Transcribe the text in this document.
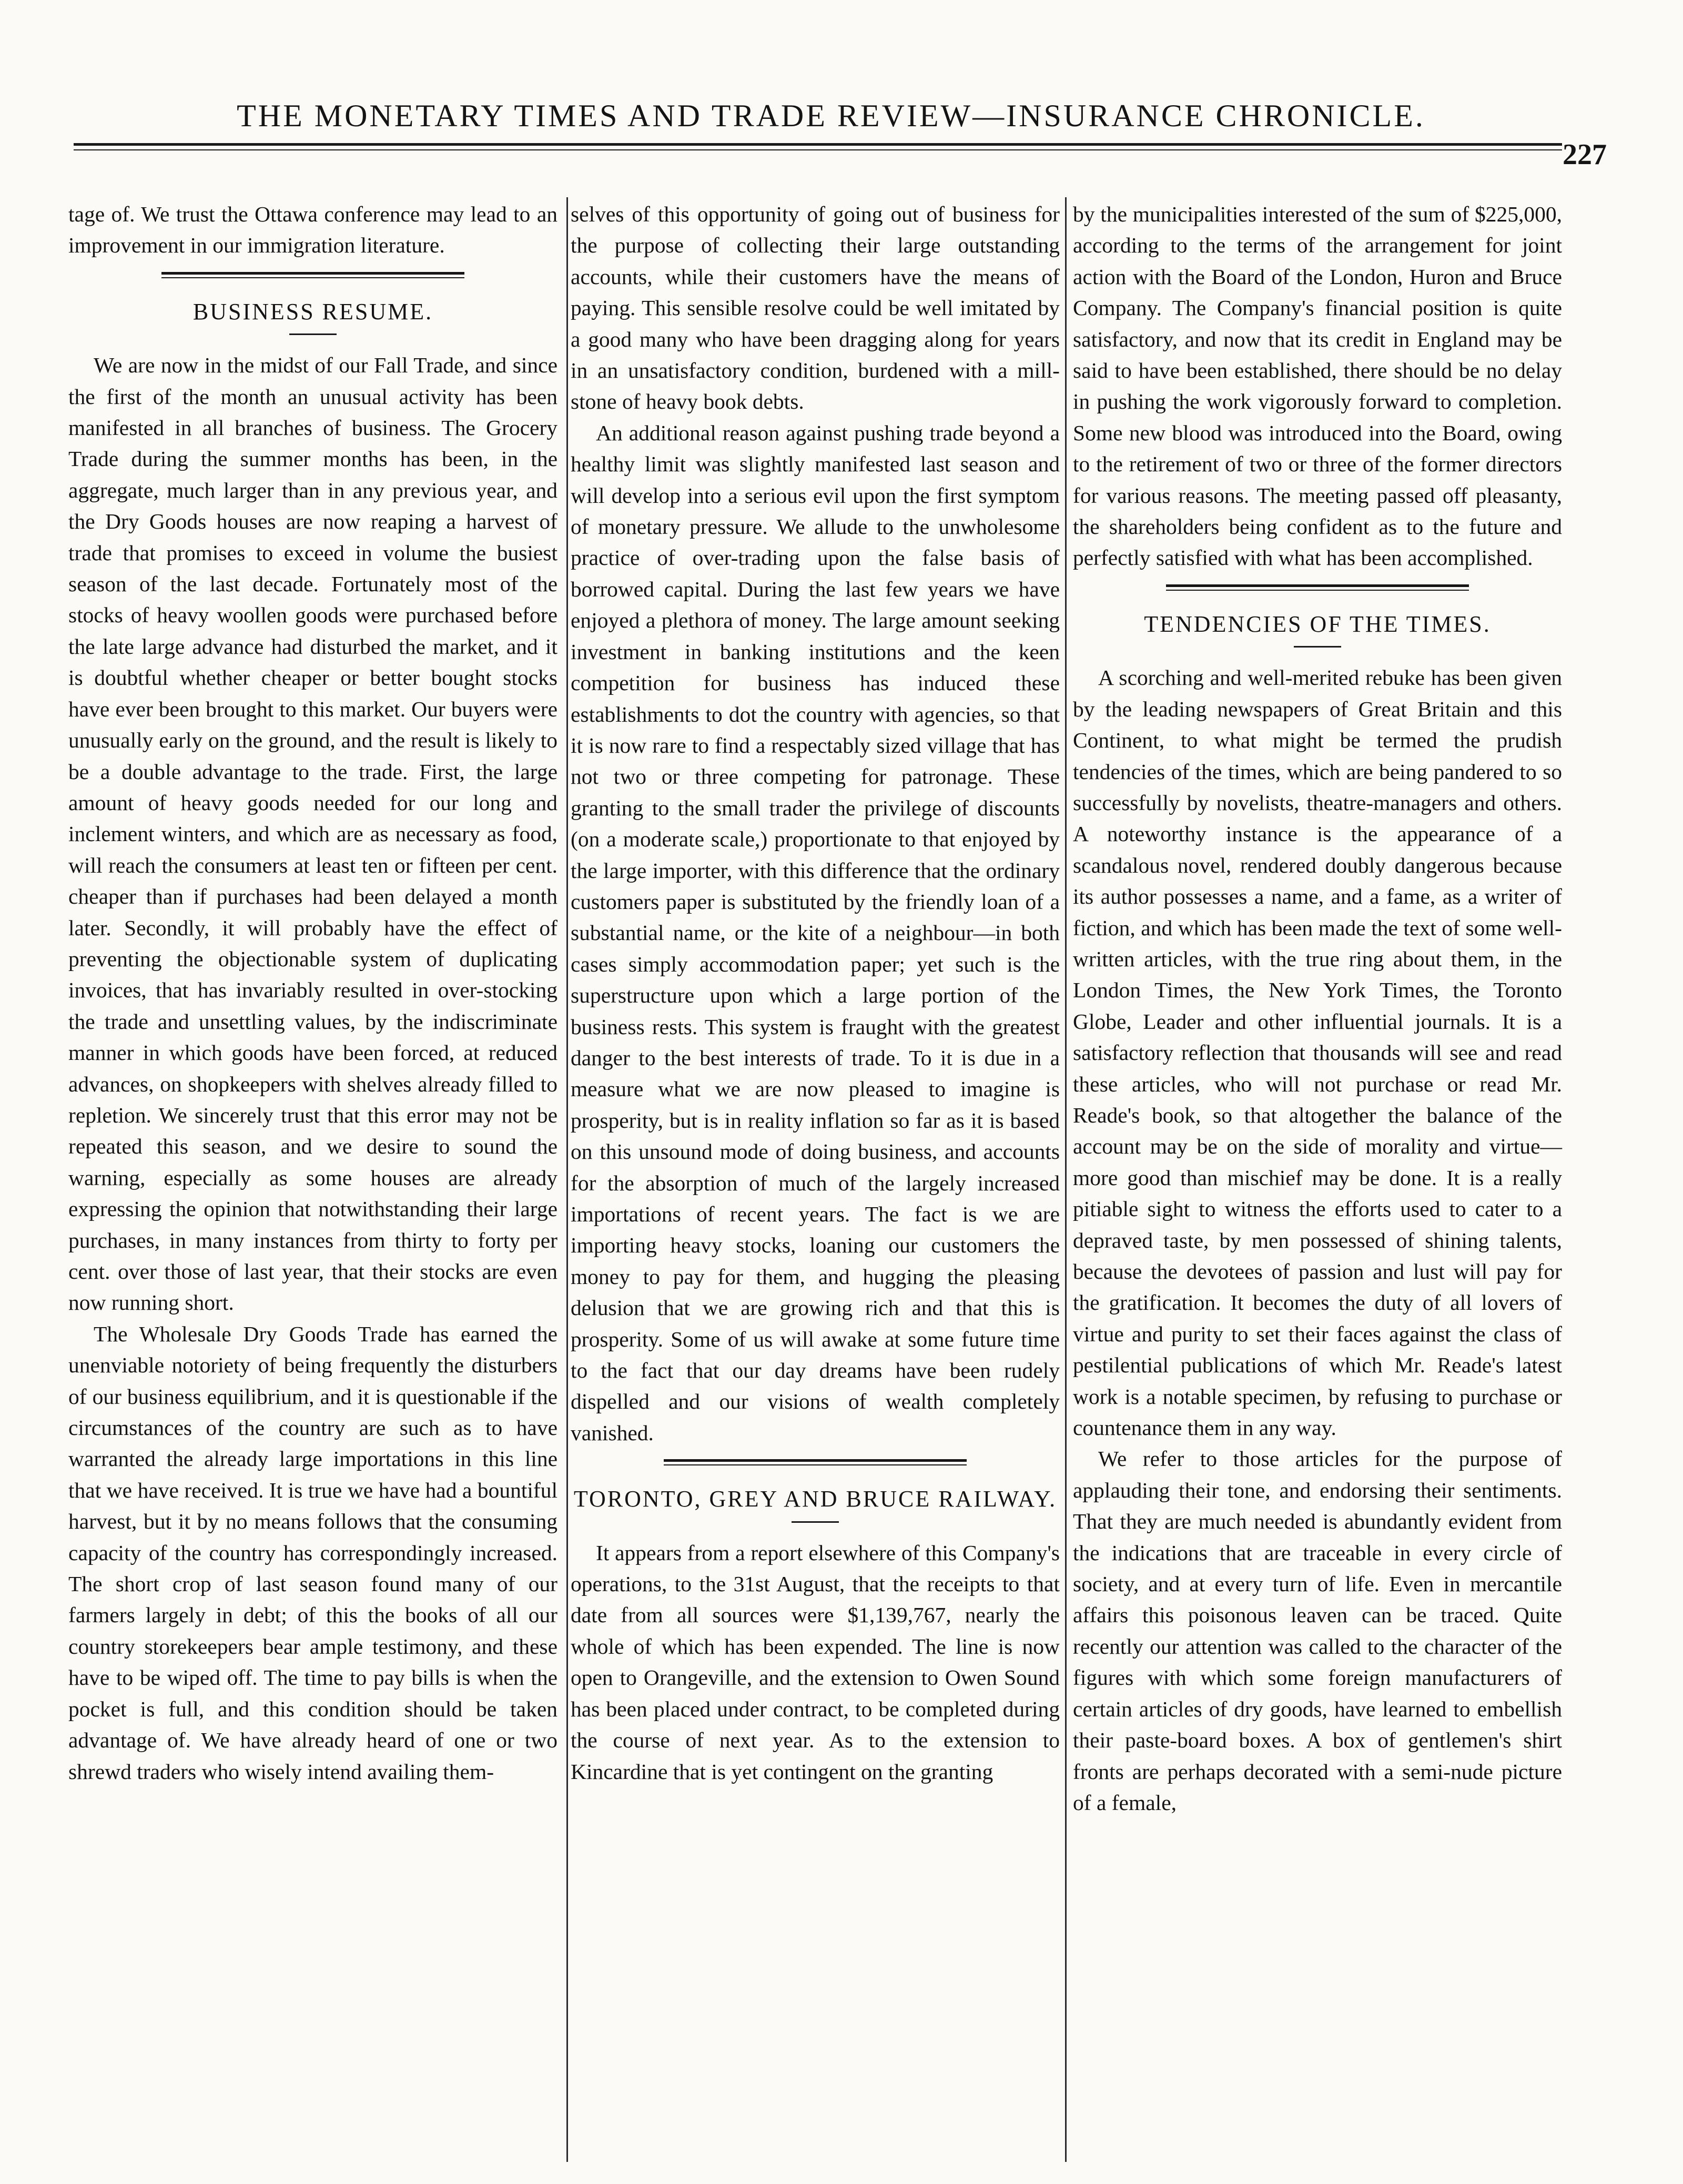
THE MONETARY TIMES AND TRADE REVIEW—INSURANCE CHRONICLE.
227

tage of. We trust the Ottawa conference may lead to an improvement in our immigration literature.

BUSINESS RESUME.

We are now in the midst of our Fall Trade, and since the first of the month an unusual activity has been manifested in all branches of business. The Grocery Trade during the summer months has been, in the aggregate, much larger than in any previous year, and the Dry Goods houses are now reaping a harvest of trade that promises to exceed in volume the busiest season of the last decade. Fortunately most of the stocks of heavy woollen goods were purchased before the late large advance had disturbed the market, and it is doubtful whether cheaper or better bought stocks have ever been brought to this market. Our buyers were unusually early on the ground, and the result is likely to be a double advantage to the trade. First, the large amount of heavy goods needed for our long and inclement winters, and which are as necessary as food, will reach the consumers at least ten or fifteen per cent. cheaper than if purchases had been delayed a month later. Secondly, it will probably have the effect of preventing the objectionable system of duplicating invoices, that has invariably resulted in over-stocking the trade and unsettling values, by the indiscriminate manner in which goods have been forced, at reduced advances, on shopkeepers with shelves already filled to repletion. We sincerely trust that this error may not be repeated this season, and we desire to sound the warning, especially as some houses are already expressing the opinion that notwithstanding their large purchases, in many instances from thirty to forty per cent. over those of last year, that their stocks are even now running short.

The Wholesale Dry Goods Trade has earned the unenviable notoriety of being frequently the disturbers of our business equilibrium, and it is questionable if the circumstances of the country are such as to have warranted the already large importations in this line that we have received. It is true we have had a bountiful harvest, but it by no means follows that the consuming capacity of the country has correspondingly increased. The short crop of last season found many of our farmers largely in debt; of this the books of all our country storekeepers bear ample testimony, and these have to be wiped off. The time to pay bills is when the pocket is full, and this condition should be taken advantage of. We have already heard of one or two shrewd traders who wisely intend availing them-

selves of this opportunity of going out of business for the purpose of collecting their large outstanding accounts, while their customers have the means of paying. This sensible resolve could be well imitated by a good many who have been dragging along for years in an unsatisfactory condition, burdened with a mill-stone of heavy book debts.

An additional reason against pushing trade beyond a healthy limit was slightly manifested last season and will develop into a serious evil upon the first symptom of monetary pressure. We allude to the unwholesome practice of over-trading upon the false basis of borrowed capital. During the last few years we have enjoyed a plethora of money. The large amount seeking investment in banking institutions and the keen competition for business has induced these establishments to dot the country with agencies, so that it is now rare to find a respectably sized village that has not two or three competing for patronage. These granting to the small trader the privilege of discounts (on a moderate scale,) proportionate to that enjoyed by the large importer, with this difference that the ordinary customers paper is substituted by the friendly loan of a substantial name, or the kite of a neighbour—in both cases simply accommodation paper; yet such is the superstructure upon which a large portion of the business rests. This system is fraught with the greatest danger to the best interests of trade. To it is due in a measure what we are now pleased to imagine is prosperity, but is in reality inflation so far as it is based on this unsound mode of doing business, and accounts for the absorption of much of the largely increased importations of recent years. The fact is we are importing heavy stocks, loaning our customers the money to pay for them, and hugging the pleasing delusion that we are growing rich and that this is prosperity. Some of us will awake at some future time to the fact that our day dreams have been rudely dispelled and our visions of wealth completely vanished.

TORONTO, GREY AND BRUCE RAILWAY.

It appears from a report elsewhere of this Company's operations, to the 31st August, that the receipts to that date from all sources were $1,139,767, nearly the whole of which has been expended. The line is now open to Orangeville, and the extension to Owen Sound has been placed under contract, to be completed during the course of next year. As to the extension to Kincardine that is yet contingent on the granting

by the municipalities interested of the sum of $225,000, according to the terms of the arrangement for joint action with the Board of the London, Huron and Bruce Company. The Company's financial position is quite satisfactory, and now that its credit in England may be said to have been established, there should be no delay in pushing the work vigorously forward to completion. Some new blood was introduced into the Board, owing to the retirement of two or three of the former directors for various reasons. The meeting passed off pleasanty, the shareholders being confident as to the future and perfectly satisfied with what has been accomplished.

TENDENCIES OF THE TIMES.

A scorching and well-merited rebuke has been given by the leading newspapers of Great Britain and this Continent, to what might be termed the prudish tendencies of the times, which are being pandered to so successfully by novelists, theatre-managers and others. A noteworthy instance is the appearance of a scandalous novel, rendered doubly dangerous because its author possesses a name, and a fame, as a writer of fiction, and which has been made the text of some well-written articles, with the true ring about them, in the London Times, the New York Times, the Toronto Globe, Leader and other influential journals. It is a satisfactory reflection that thousands will see and read these articles, who will not purchase or read Mr. Reade's book, so that altogether the balance of the account may be on the side of morality and virtue—more good than mischief may be done. It is a really pitiable sight to witness the efforts used to cater to a depraved taste, by men possessed of shining talents, because the devotees of passion and lust will pay for the gratification. It becomes the duty of all lovers of virtue and purity to set their faces against the class of pestilential publications of which Mr. Reade's latest work is a notable specimen, by refusing to purchase or countenance them in any way.

We refer to those articles for the purpose of applauding their tone, and endorsing their sentiments. That they are much needed is abundantly evident from the indications that are traceable in every circle of society, and at every turn of life. Even in mercantile affairs this poisonous leaven can be traced. Quite recently our attention was called to the character of the figures with which some foreign manufacturers of certain articles of dry goods, have learned to embellish their paste-board boxes. A box of gentlemen's shirt fronts are perhaps decorated with a semi-nude picture of a female,
